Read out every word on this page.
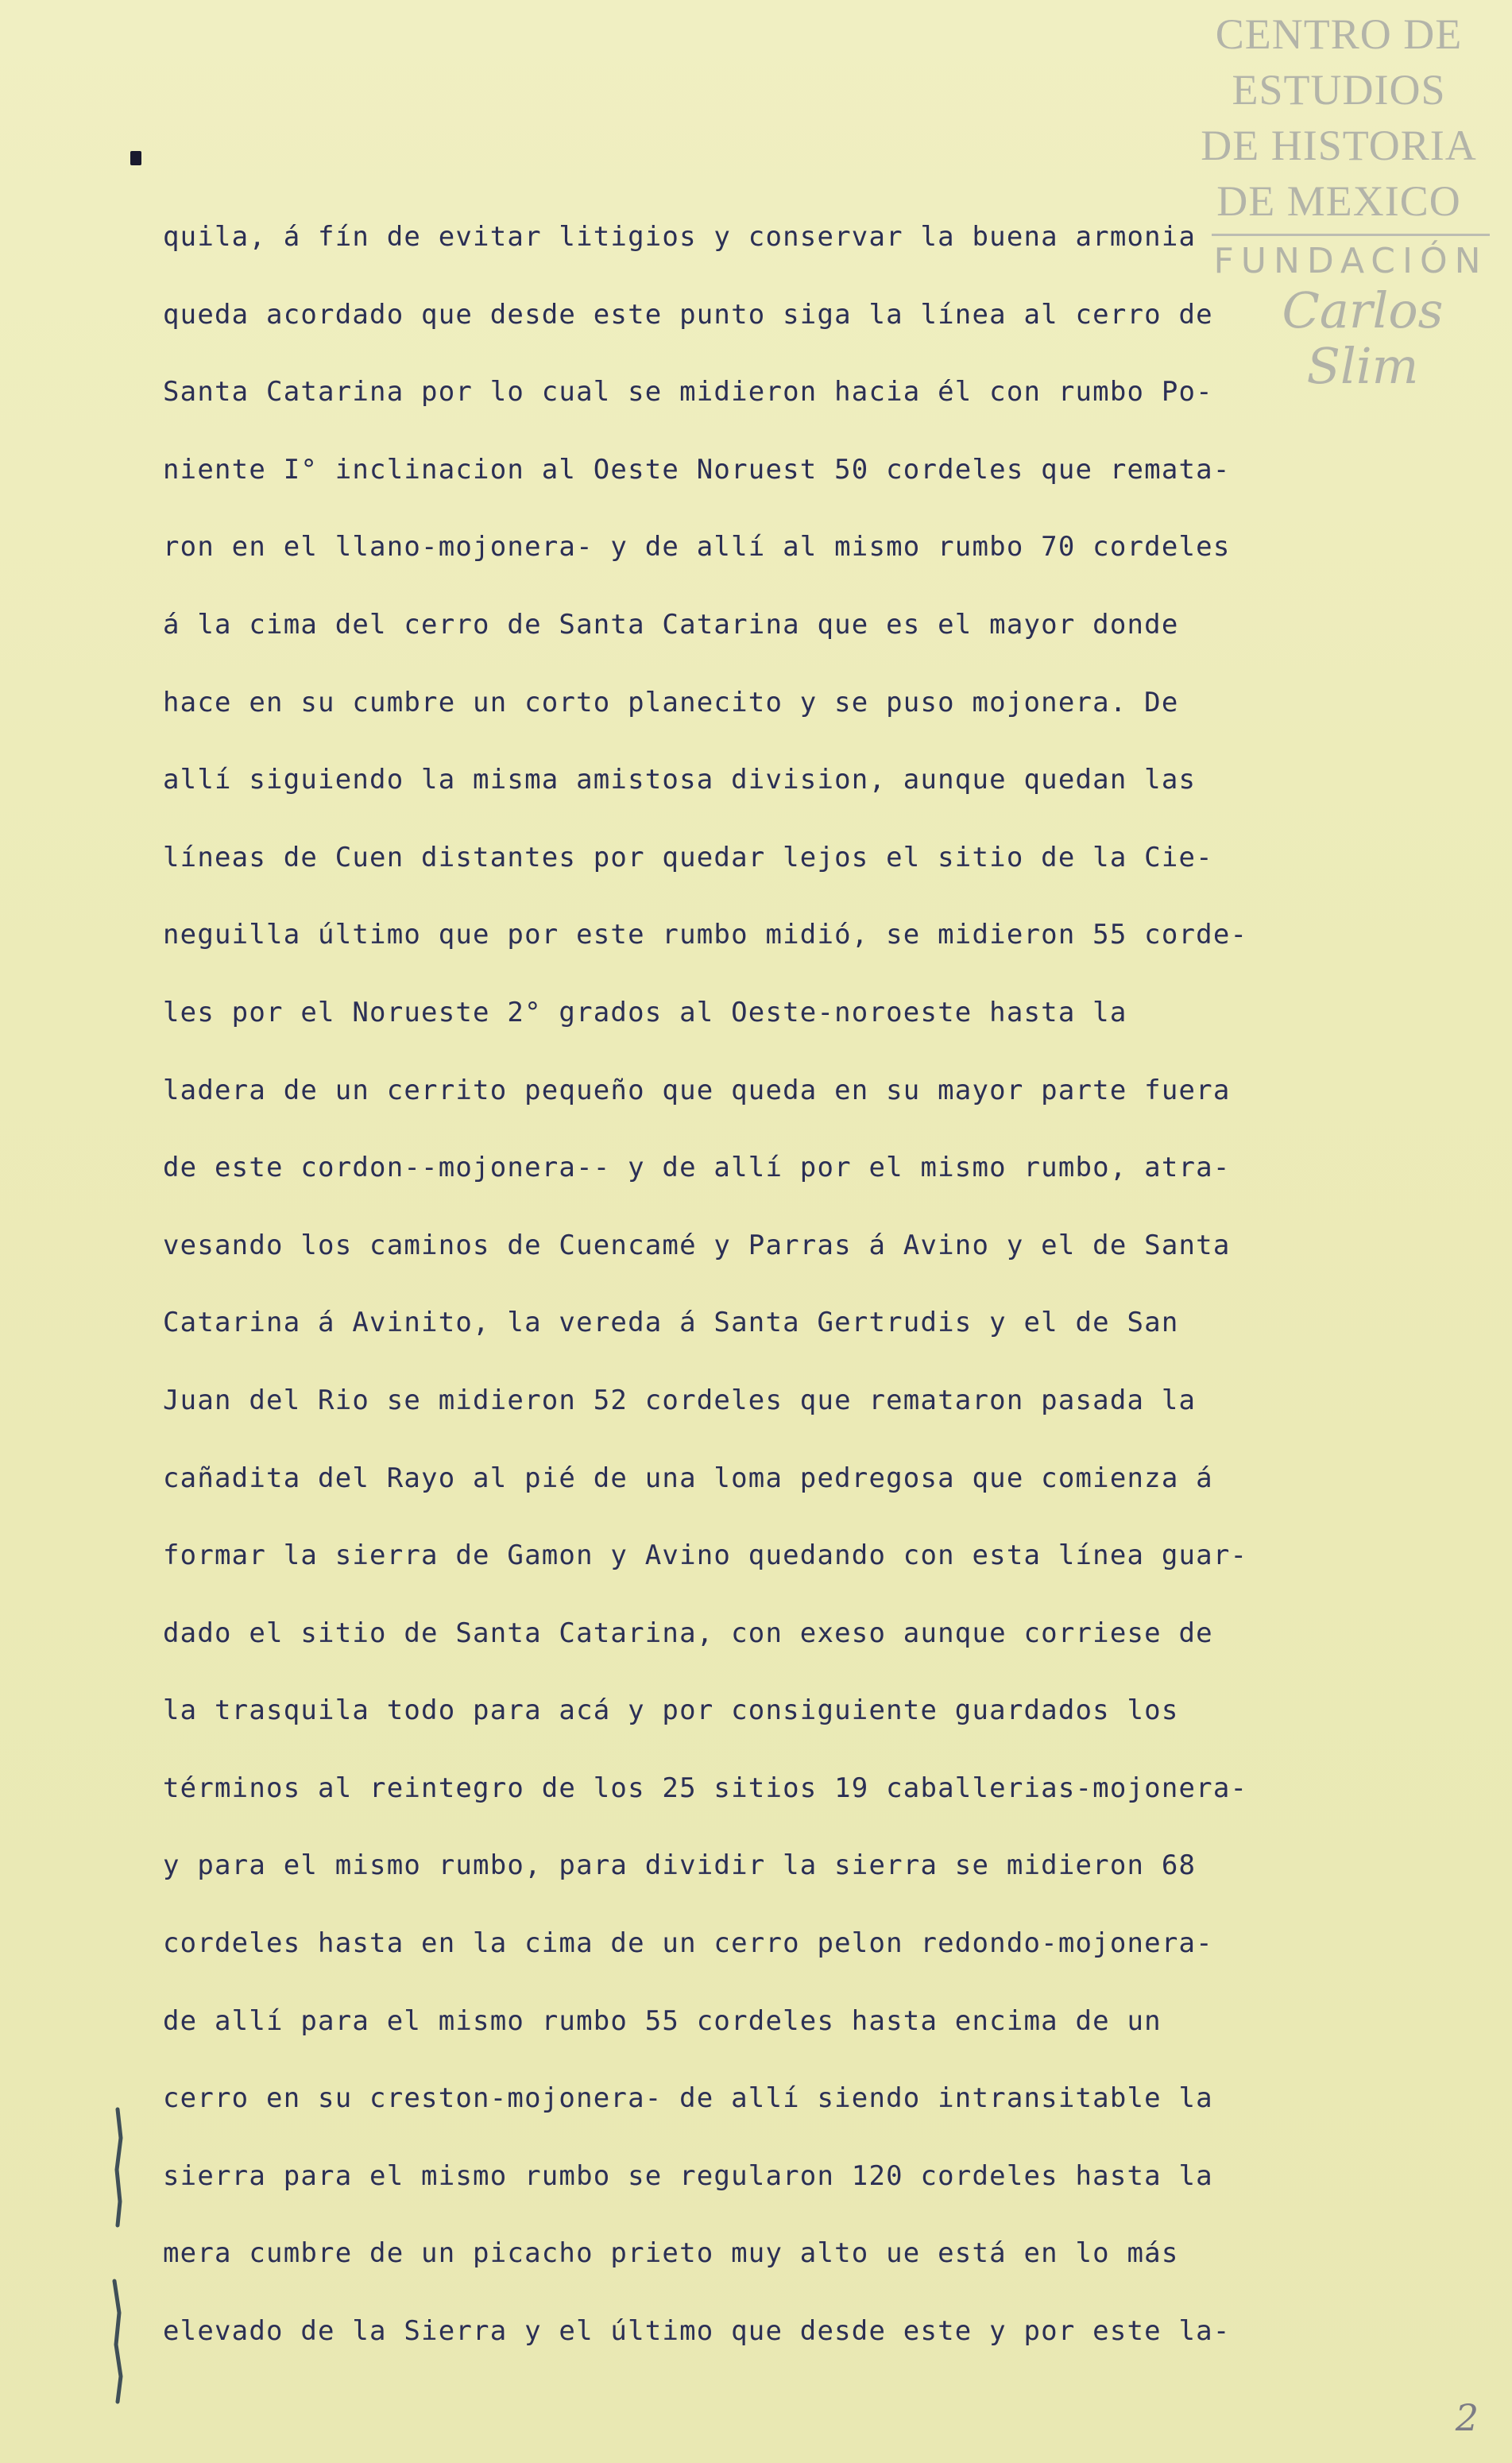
CENTRO DE
ESTUDIOS
DE HISTORIA
DE MEXICO
FUNDACIÓN
Carlos Slim
quila, á fín de evitar litigios y conservar la buena armonia
queda acordado que desde este punto siga la línea al cerro de
Santa Catarina por lo cual se midieron hacia él con rumbo Po-
niente I° inclinacion al Oeste Noruest 50 cordeles que remata-
ron en el llano-mojonera- y de allí al mismo rumbo 70 cordeles
á la cima del cerro de Santa Catarina que es el mayor donde
hace en su cumbre un corto planecito y se puso mojonera. De
allí siguiendo la misma amistosa division, aunque quedan las
líneas de Cuen distantes por quedar lejos el sitio de la Cie-
neguilla último que por este rumbo midió, se midieron 55 corde-
les por el Norueste 2° grados al Oeste-noroeste hasta la
ladera de un cerrito pequeño que queda en su mayor parte fuera
de este cordon--mojonera-- y de allí por el mismo rumbo, atra-
vesando los caminos de Cuencamé y Parras á Avino y el de Santa
Catarina á Avinito, la vereda á Santa Gertrudis y el de San
Juan del Rio se midieron 52 cordeles que remataron pasada la
cañadita del Rayo al pié de una loma pedregosa que comienza á
formar la sierra de Gamon y Avino quedando con esta línea guar-
dado el sitio de Santa Catarina, con exeso aunque corriese de
la trasquila todo para acá y por consiguiente guardados los
términos al reintegro de los 25 sitios 19 caballerias-mojonera-
y para el mismo rumbo, para dividir la sierra se midieron 68
cordeles hasta en la cima de un cerro pelon redondo-mojonera-
de allí para el mismo rumbo 55 cordeles hasta encima de un
cerro en su creston-mojonera- de allí siendo intransitable la
sierra para el mismo rumbo se regularon 120 cordeles hasta la
mera cumbre de un picacho prieto muy alto ue está en lo más
elevado de la Sierra y el último que desde este y por este la-
2
